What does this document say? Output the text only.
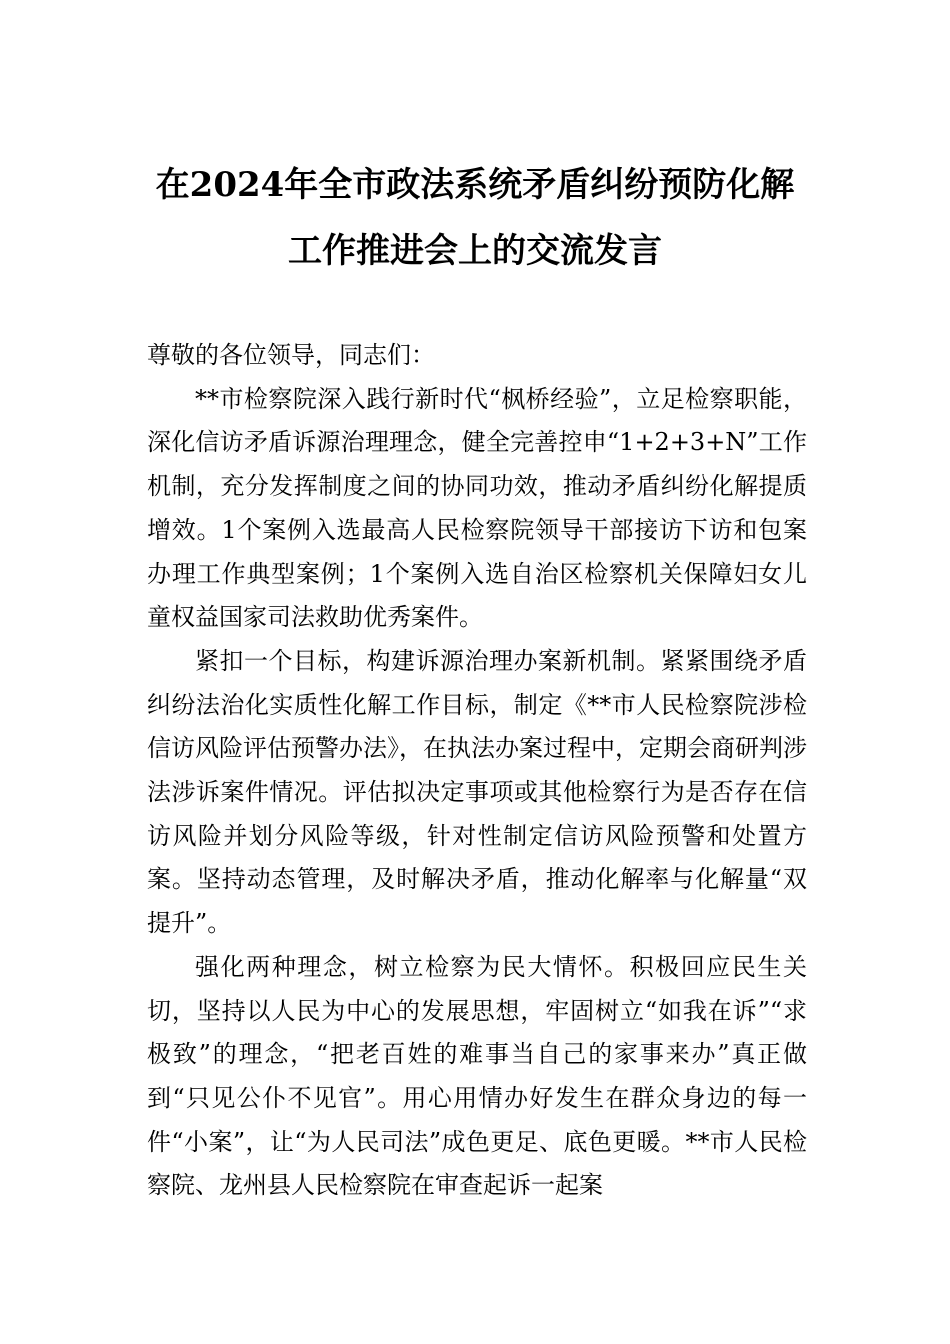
在2024年全市政法系统矛盾纠纷预防化解
工作推进会上的交流发言

尊敬的各位领导，同志们：

**市检察院深入践行新时代“枫桥经验”，立足检察职能，深化信访矛盾诉源治理理念，健全完善控申“1+2+3+N”工作机制，充分发挥制度之间的协同功效，推动矛盾纠纷化解提质增效。1个案例入选最高人民检察院领导干部接访下访和包案办理工作典型案例；1个案例入选自治区检察机关保障妇女儿童权益国家司法救助优秀案件。

紧扣一个目标，构建诉源治理办案新机制。紧紧围绕矛盾纠纷法治化实质性化解工作目标，制定《**市人民检察院涉检信访风险评估预警办法》，在执法办案过程中，定期会商研判涉法涉诉案件情况。评估拟决定事项或其他检察行为是否存在信访风险并划分风险等级，针对性制定信访风险预警和处置方案。坚持动态管理，及时解决矛盾，推动化解率与化解量“双提升”。

强化两种理念，树立检察为民大情怀。积极回应民生关切，坚持以人民为中心的发展思想，牢固树立“如我在诉”“求极致”的理念，“把老百姓的难事当自己的家事来办”真正做到“只见公仆不见官”。用心用情办好发生在群众身边的每一件“小案”，让“为人民司法”成色更足、底色更暖。**市人民检察院、龙州县人民检察院在审查起诉一起案
